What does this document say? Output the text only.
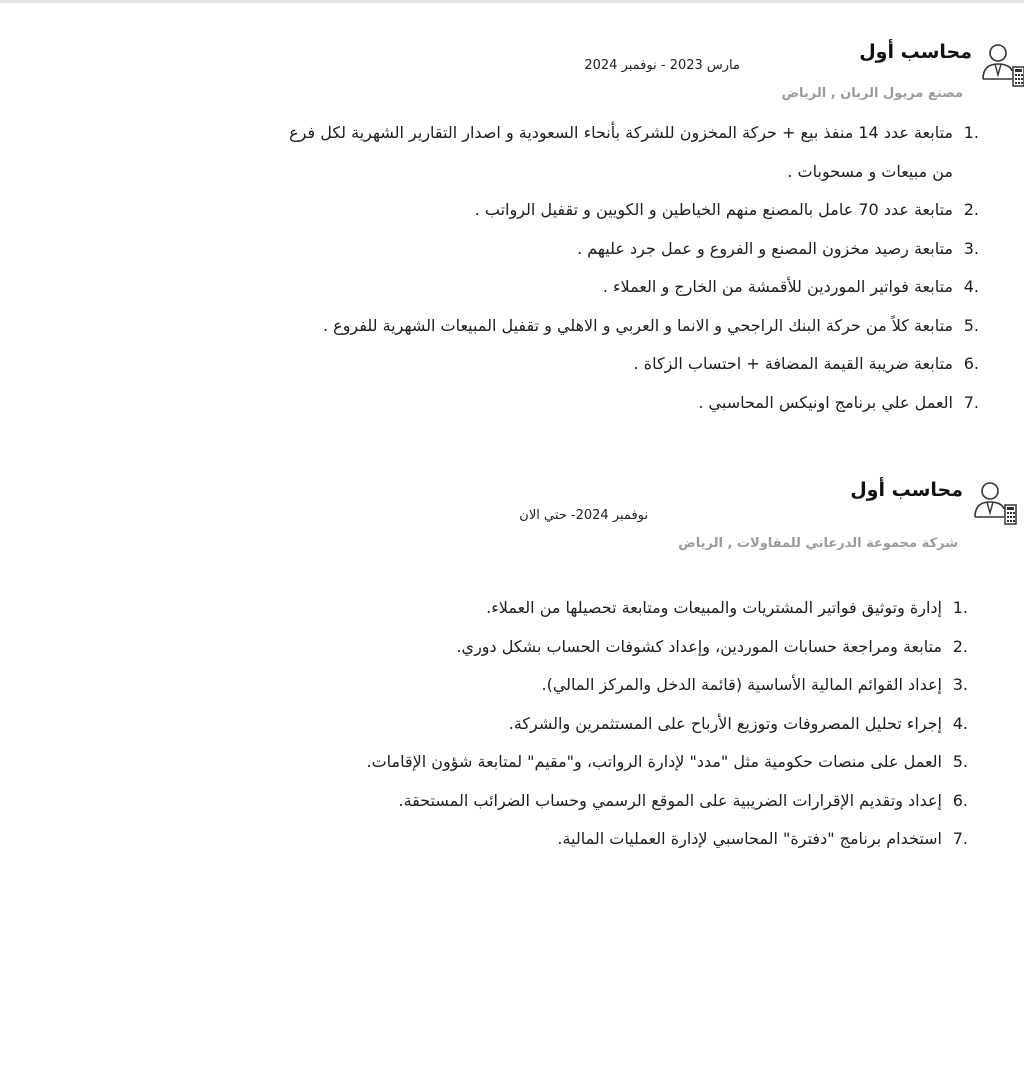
محاسب أول
مارس 2023 - نوفمبر 2024
مصنع مريول الريان , الرياض
1.
متابعة عدد 14 منفذ بيع + حركة المخزون للشركة بأنحاء السعودية و اصدار التقارير الشهرية لكل فرع من مبيعات و مسحوبات .
2.
متابعة عدد 70 عامل بالمصنع منهم الخياطين و الكويين و تقفيل الرواتب .
3.
متابعة رصيد مخزون المصنع و الفروع و عمل جرد عليهم .
4.
متابعة فواتير الموردين للأقمشة من الخارج و العملاء .
5.
متابعة كلاً من حركة البنك الراجحي و الانما و العربي و الاهلي و تقفيل المبيعات الشهرية للفروع .
6.
متابعة ضريبة القيمة المضافة + احتساب الزكاة .
7.
العمل علي برنامج اونيكس المحاسبي .
محاسب أول
نوفمبر 2024- حتي الان
شركة مجموعة الدرعاني للمقاولات , الرياض
1.
إدارة وتوثيق فواتير المشتريات والمبيعات ومتابعة تحصيلها من العملاء.
2.
متابعة ومراجعة حسابات الموردين، وإعداد كشوفات الحساب بشكل دوري.
3.
إعداد القوائم المالية الأساسية (قائمة الدخل والمركز المالي).
4.
إجراء تحليل المصروفات وتوزيع الأرباح على المستثمرين والشركة.
5.
العمل على منصات حكومية مثل "مدد" لإدارة الرواتب، و"مقيم" لمتابعة شؤون الإقامات.
6.
إعداد وتقديم الإقرارات الضريبية على الموقع الرسمي وحساب الضرائب المستحقة.
7.
استخدام برنامج "دفترة" المحاسبي لإدارة العمليات المالية.
